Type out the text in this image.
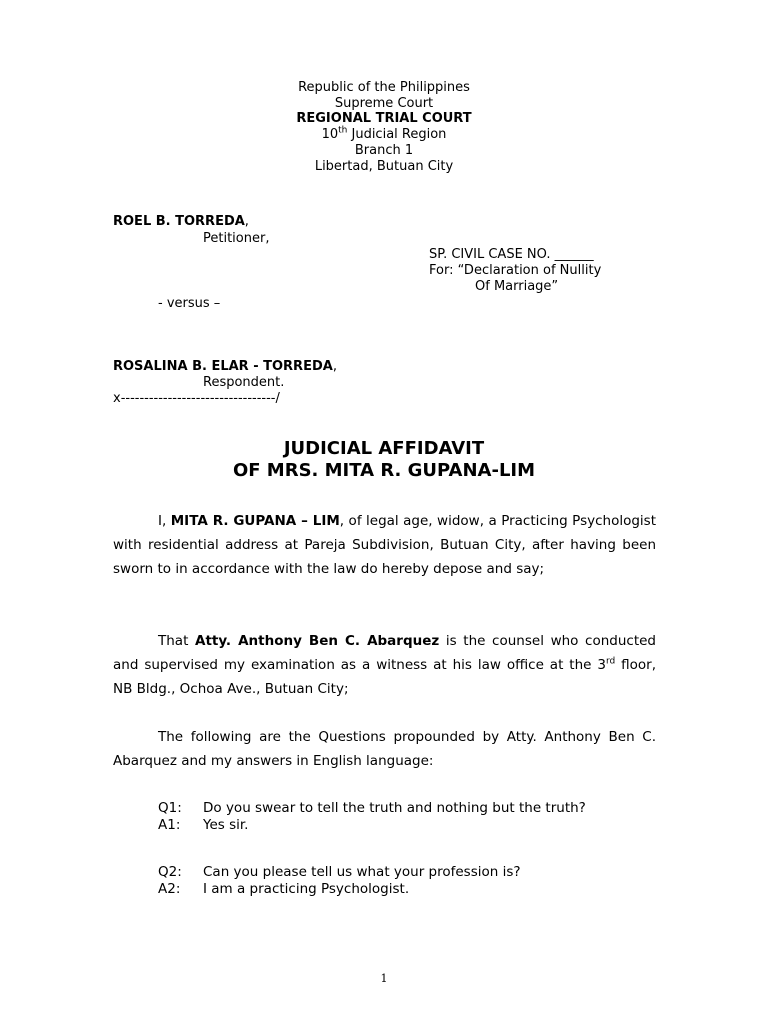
Republic of the Philippines
Supreme Court
REGIONAL TRIAL COURT
10th Judicial Region
Branch 1
Libertad, Butuan City
ROEL B. TORREDA,
Petitioner,
SP. CIVIL CASE NO. ______
For: “Declaration of Nullity
Of Marriage”
- versus –
ROSALINA B. ELAR - TORREDA,
Respondent.
x---------------------------------/
JUDICIAL AFFIDAVIT
OF MRS. MITA R. GUPANA-LIM
I, MITA R. GUPANA – LIM, of legal age, widow, a Practicing Psychologist with residential address at Pareja Subdivision, Butuan City, after having been sworn to in accordance with the law do hereby depose and say;
That Atty. Anthony Ben C. Abarquez is the counsel who conducted and supervised my examination as a witness at his law office at the 3rd floor, NB Bldg., Ochoa Ave., Butuan City;
The following are the Questions propounded by Atty. Anthony Ben C. Abarquez and my answers in English language:
Q1: Do you swear to tell the truth and nothing but the truth?
A1: Yes sir.
Q2: Can you please tell us what your profession is?
A2: I am a practicing Psychologist.
1
